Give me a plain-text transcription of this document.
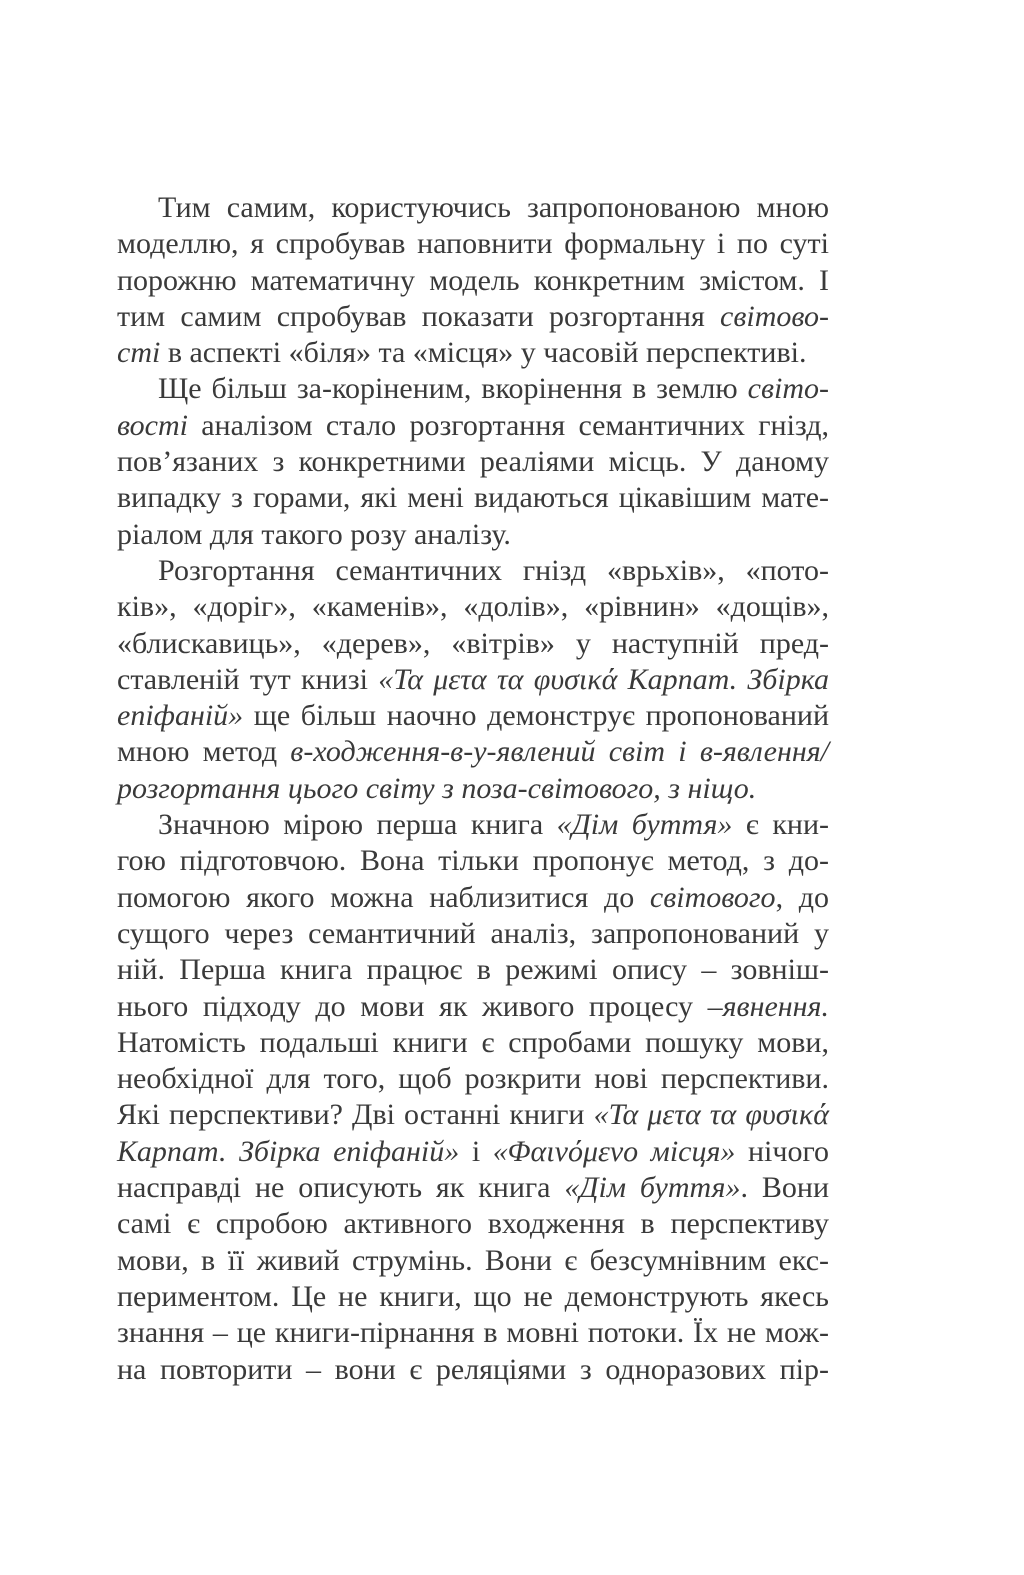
Тим самим, користуючись запропонованою мною
моделлю, я спробував наповнити формальну і по суті
порожню математичну модель конкретним змістом. І
тим самим спробував показати розгортання світово-
сті в аспекті «біля» та «місця» у часовій перспективі.
Ще більш за-коріненим, вкорінення в землю світо-
вості аналізом стало розгортання семантичних гнізд,
пов’язаних з конкретними реаліями місць. У даному
випадку з горами, які мені видаються цікавішим мате-
ріалом для такого розу аналізу.
Розгортання семантичних гнізд «врьхів», «пото-
ків», «доріг», «каменів», «долів», «рівнин» «дощів»,
«блискавиць», «дерев», «вітрів» у наступній пред-
ставленій тут книзі «Τα μετα τα φυσικά Карпат. Збірка
епіфаній» ще більш наочно демонструє пропонований
мною метод в-ходження-в-у-явлений світ і в-явлення/
розгортання цього світу з поза-світового, з ніщо.
Значною мірою перша книга «Дім буття» є кни-
гою підготовчою. Вона тільки пропонує метод, з до-
помогою якого можна наблизитися до світового, до
сущого через семантичний аналіз, запропонований у
ній. Перша книга працює в режимі опису – зовніш-
нього підходу до мови як живого процесу –явнення.
Натомість подальші книги є спробами пошуку мови,
необхідної для того, щоб розкрити нові перспективи.
Які перспективи? Дві останні книги «Τα μετα τα φυσικά
Карпат. Збірка епіфаній» і «Φαινόμενο місця» нічого
насправді не описують як книга «Дім буття». Вони
самі є спробою активного входження в перспективу
мови, в її живий струмінь. Вони є безсумнівним екс-
периментом. Це не книги, що не демонструють якесь
знання – це книги-пірнання в мовні потоки. Їх не мож-
на повторити – вони є реляціями з одноразових пір-
